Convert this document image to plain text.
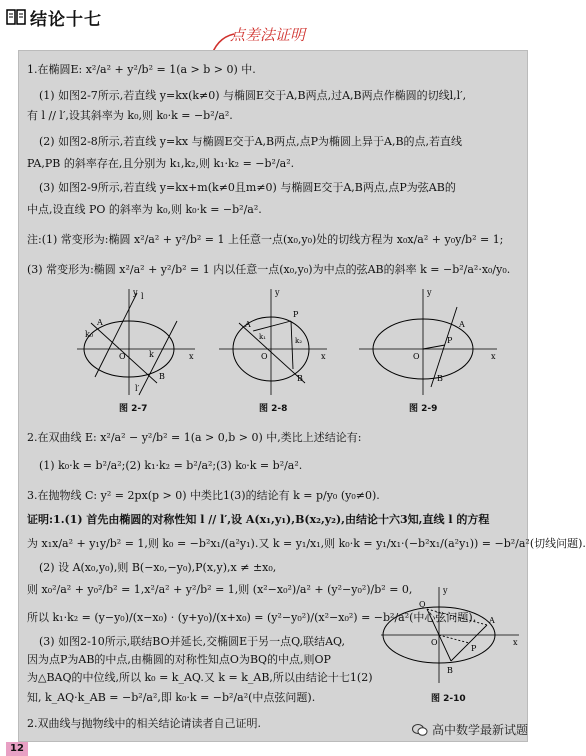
结论十七
点差法证明
1.在椭圆E: x²/a² + y²/b² = 1(a > b > 0) 中.
(1) 如图2-7所示,若直线 y=kx(k≠0) 与椭圆E交于A,B两点,过A,B两点作椭圆的切线l,l′,
有 l // l′,设其斜率为 k₀,则 k₀·k = −b²/a².
(2) 如图2-8所示,若直线 y=kx 与椭圆E交于A,B两点,点P为椭圆上异于A,B的点,若直线
PA,PB 的斜率存在,且分别为 k₁,k₂,则 k₁·k₂ = −b²/a².
(3) 如图2-9所示,若直线 y=kx+m(k≠0且m≠0) 与椭圆E交于A,B两点,点P为弦AB的
中点,设直线 PO 的斜率为 k₀,则 k₀·k = −b²/a².
注:(1) 常变形为:椭圆 x²/a² + y²/b² = 1 上任意一点(x₀,y₀)处的切线方程为 x₀x/a² + y₀y/b² = 1;
(3) 常变形为:椭圆 x²/a² + y²/b² = 1 内以任意一点(x₀,y₀)为中点的弦AB的斜率 k = −b²/a²·x₀/y₀.
y
x
O
A
B
l
l′
k₀
k
图 2-7
y
x
O
A
B
P
k₁	k₂
图 2-8
y
x
O
A
B
P
图 2-9
2.在双曲线 E: x²/a² − y²/b² = 1(a > 0,b > 0) 中,类比上述结论有:
(1) k₀·k = b²/a²;(2) k₁·k₂ = b²/a²;(3) k₀·k = b²/a².
3.在抛物线 C: y² = 2px(p > 0) 中类比1(3)的结论有 k = p/y₀ (y₀≠0).
证明:1.(1) 首先由椭圆的对称性知 l // l′,设 A(x₁,y₁),B(x₂,y₂),由结论十六3知,直线 l 的方程
为 x₁x/a² + y₁y/b² = 1,则 k₀ = −b²x₁/(a²y₁).又 k = y₁/x₁,则 k₀·k = y₁/x₁·(−b²x₁/(a²y₁)) = −b²/a²(切线问题).
(2) 设 A(x₀,y₀),则 B(−x₀,−y₀),P(x,y),x ≠ ±x₀,
则 x₀²/a² + y₀²/b² = 1,x²/a² + y²/b² = 1,则 (x²−x₀²)/a² + (y²−y₀²)/b² = 0,
所以 k₁·k₂ = (y−y₀)/(x−x₀) · (y+y₀)/(x+x₀) = (y²−y₀²)/(x²−x₀²) = −b²/a²(中心弦问题).
(3) 如图2-10所示,联结BO并延长,交椭圆E于另一点Q,联结AQ,
因为点P为AB的中点,由椭圆的对称性知点O为BQ的中点,则OP
为△BAQ的中位线,所以 k₀ = k_AQ.又 k = k_AB,所以由结论十七1(2)
知, k_AQ·k_AB = −b²/a²,即 k₀·k = −b²/a²(中点弦问题).
2.双曲线与抛物线中的相关结论请读者自己证明.
y
x
O
A
B
P
Q
图 2-10
12
高中数学最新试题
